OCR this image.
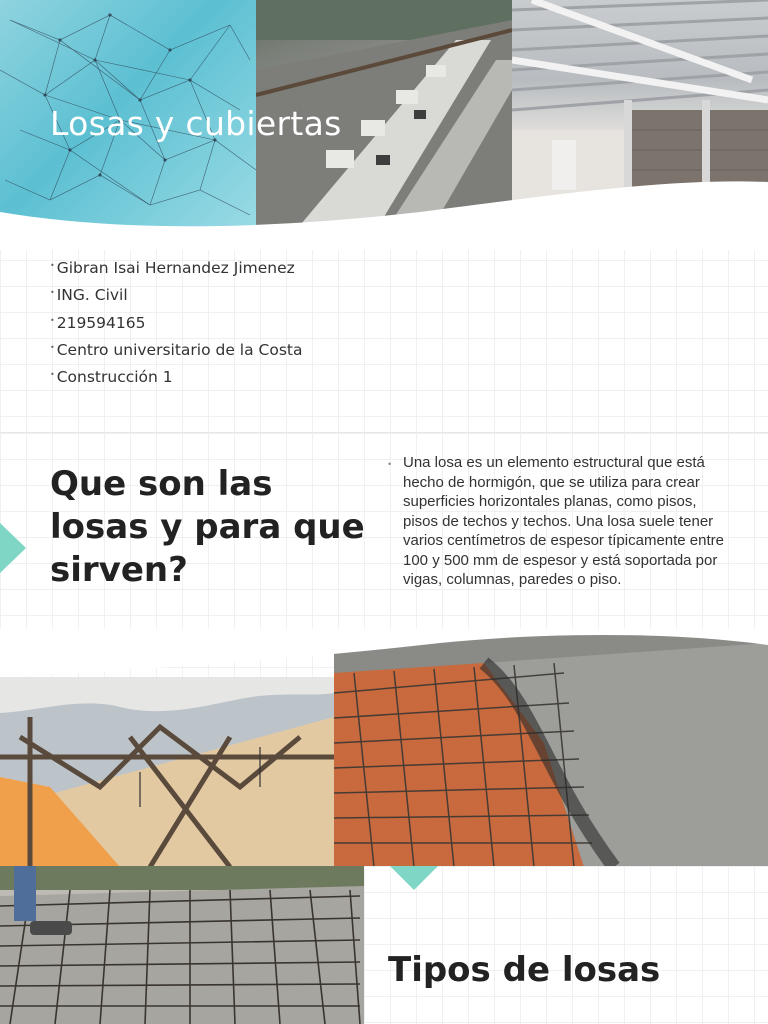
Losas y cubiertas
• Gibran Isai Hernandez Jimenez
• ING. Civil
• 219594165
• Centro universitario de la Costa
• Construcción 1
Que son las losas y para que sirven?
• Una losa es un elemento estructural que está hecho de hormigón, que se utiliza para crear superficies horizontales planas, como pisos, pisos de techos y techos. Una losa suele tener varios centímetros de espesor típicamente entre 100 y 500 mm de espesor y está soportada por vigas, columnas, paredes o piso.

Tipos de losas
